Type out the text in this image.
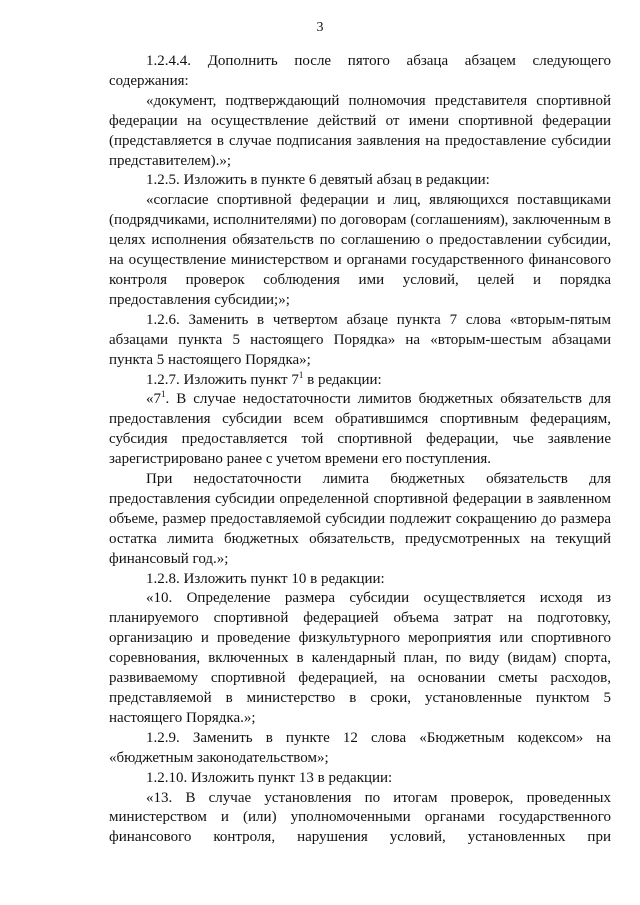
3

1.2.4.4. Дополнить после пятого абзаца абзацем следующего содержания:

«документ, подтверждающий полномочия представителя спортивной федерации на осуществление действий от имени спортивной федерации (представляется в случае подписания заявления на предоставление субсидии представителем).»;

1.2.5. Изложить в пункте 6 девятый абзац в редакции:

«согласие спортивной федерации и лиц, являющихся поставщиками (подрядчиками, исполнителями) по договорам (соглашениям), заключенным в целях исполнения обязательств по соглашению о предоставлении субсидии, на осуществление министерством и органами государственного финансового контроля проверок соблюдения ими условий, целей и порядка предоставления субсидии;»;

1.2.6. Заменить в четвертом абзаце пункта 7 слова «вторым-пятым абзацами пункта 5 настоящего Порядка» на «вторым-шестым абзацами пункта 5 настоящего Порядка»;

1.2.7. Изложить пункт $7^1$ в редакции:

«$7^1$. В случае недостаточности лимитов бюджетных обязательств для предоставления субсидии всем обратившимся спортивным федерациям, субсидия предоставляется той спортивной федерации, чье заявление зарегистрировано ранее с учетом времени его поступления.

При недостаточности лимита бюджетных обязательств для предоставления субсидии определенной спортивной федерации в заявленном объеме, размер предоставляемой субсидии подлежит сокращению до размера остатка лимита бюджетных обязательств, предусмотренных на текущий финансовый год.»;

1.2.8. Изложить пункт 10 в редакции:

«10. Определение размера субсидии осуществляется исходя из планируемого спортивной федерацией объема затрат на подготовку, организацию и проведение физкультурного мероприятия или спортивного соревнования, включенных в календарный план, по виду (видам) спорта, развиваемому спортивной федерацией, на основании сметы расходов, представляемой в министерство в сроки, установленные пунктом 5 настоящего Порядка.»;

1.2.9. Заменить в пункте 12 слова «Бюджетным кодексом» на «бюджетным законодательством»;

1.2.10. Изложить пункт 13 в редакции:

«13. В случае установления по итогам проверок, проведенных министерством и (или) уполномоченными органами государственного финансового контроля, нарушения условий, установленных при
